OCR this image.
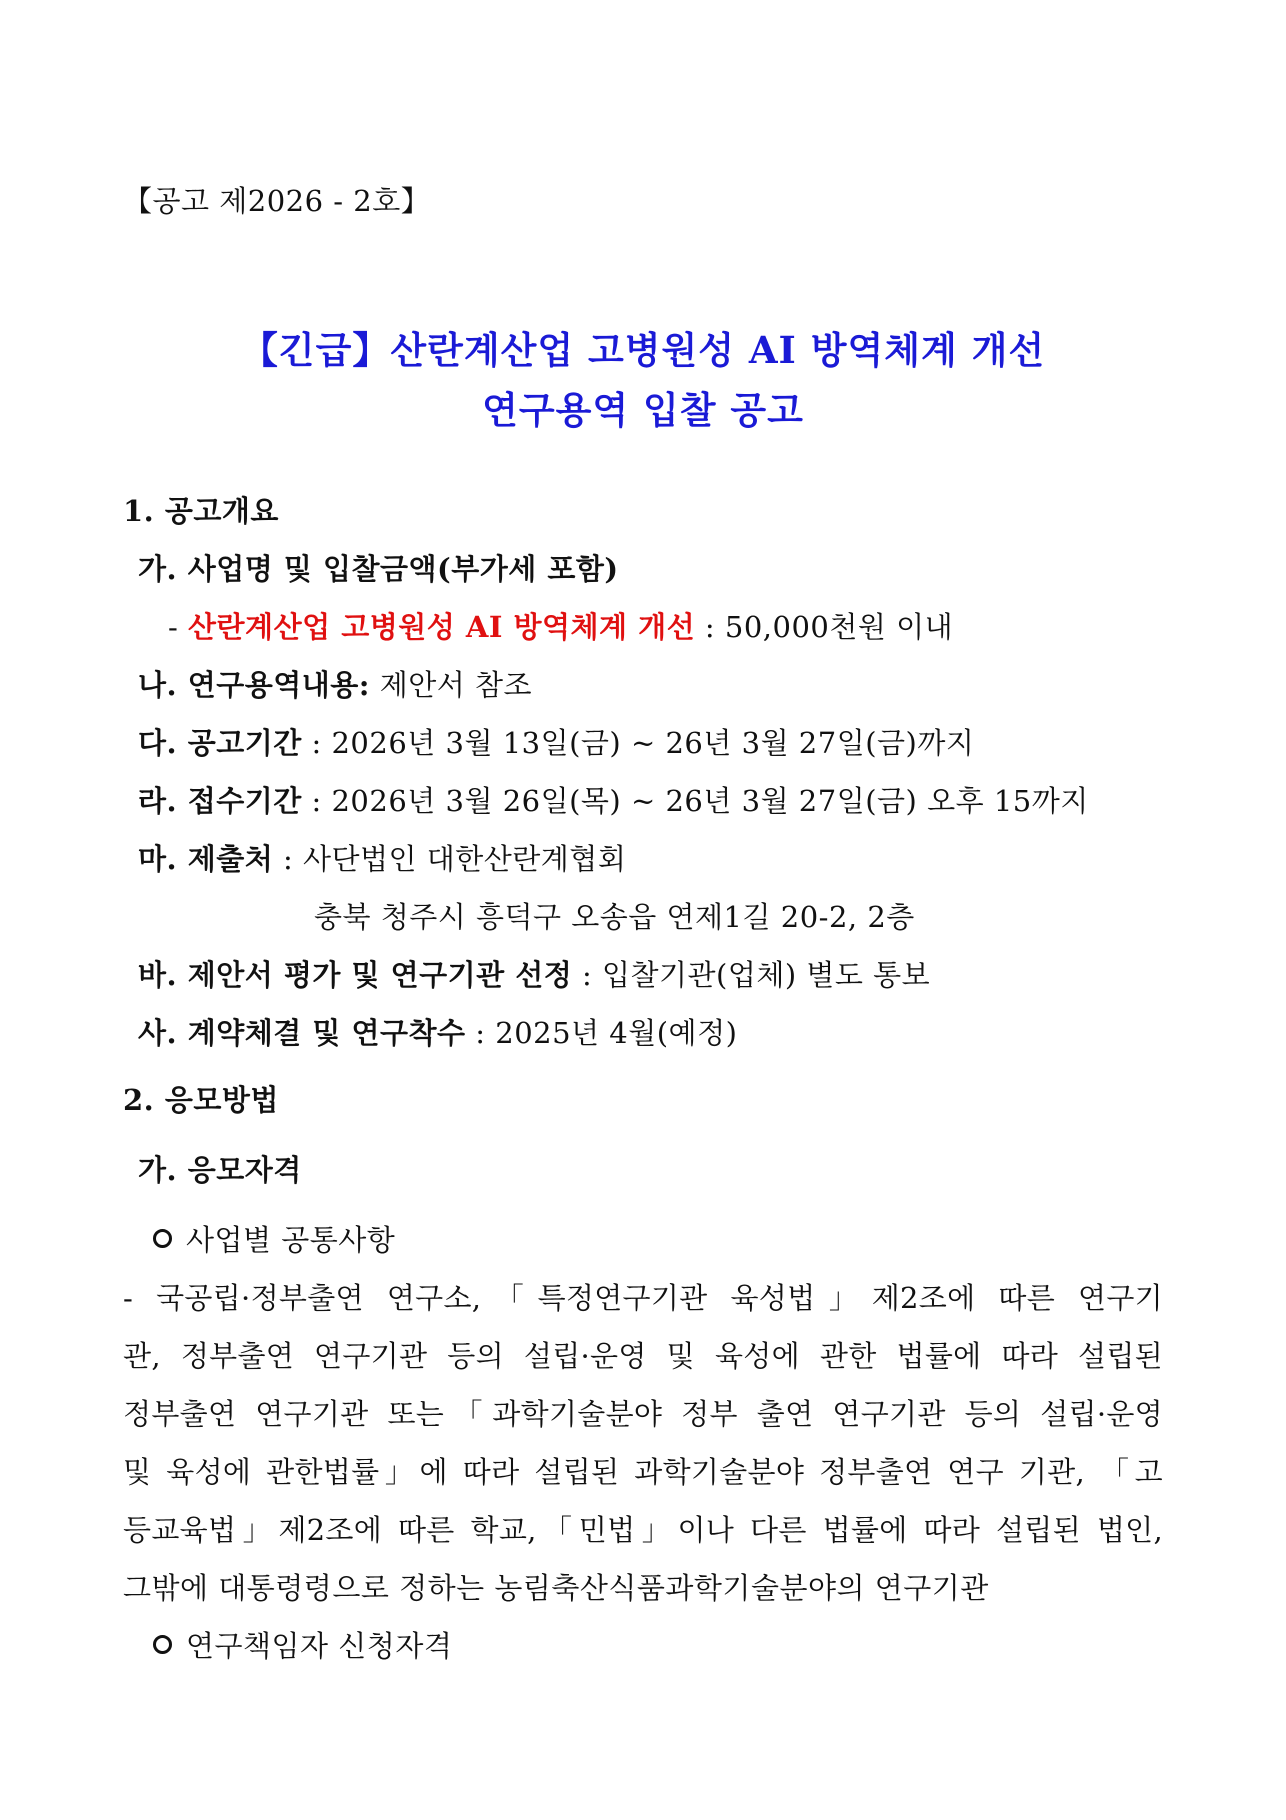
【공고 제2026 - 2호】
【긴급】산란계산업 고병원성 AI 방역체계 개선
연구용역 입찰 공고
1. 공고개요
가. 사업명 및 입찰금액(부가세 포함)
- 산란계산업 고병원성 AI 방역체계 개선 : 50,000천원 이내
나. 연구용역내용: 제안서 참조
다. 공고기간 : 2026년 3월 13일(금) ~ 26년 3월 27일(금)까지
라. 접수기간 : 2026년 3월 26일(목) ~ 26년 3월 27일(금) 오후 15까지
마. 제출처 : 사단법인 대한산란계협회
충북 청주시 흥덕구 오송읍 연제1길 20-2, 2층
바. 제안서 평가 및 연구기관 선정 : 입찰기관(업체) 별도 통보
사. 계약체결 및 연구착수 : 2025년 4월(예정)
2. 응모방법
가. 응모자격
사업별 공통사항
- 국공립·정부출연 연구소,「특정연구기관 육성법」제2조에 따른 연구기
관, 정부출연 연구기관 등의 설립·운영 및 육성에 관한 법률에 따라 설립된
정부출연 연구기관 또는「과학기술분야 정부 출연 연구기관 등의 설립·운영
및 육성에 관한법률」에 따라 설립된 과학기술분야 정부출연 연구 기관, 「고
등교육법」제2조에 따른 학교,「민법」이나 다른 법률에 따라 설립된 법인,
그밖에 대통령령으로 정하는 농림축산식품과학기술분야의 연구기관
연구책임자 신청자격
